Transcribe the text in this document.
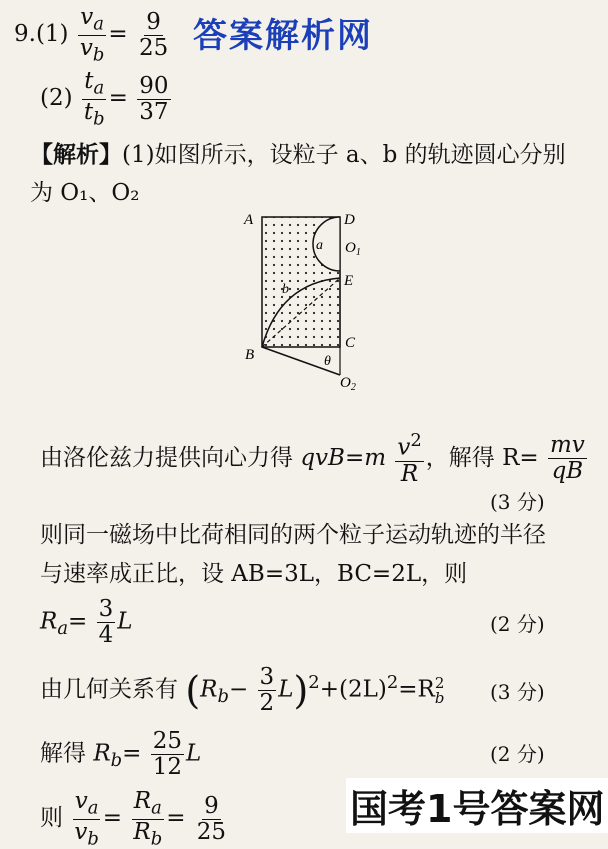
答案解析网
$9.(1) \frac{v_a}{v_b} = \frac{9}{25}$
$(2) \frac{t_a}{t_b} = \frac{90}{37}$
【解析】(1)如图所示，设粒子 a、b 的轨迹圆心分别
为 O₁、O₂
A	D
a $O_1$
E
b
C
B	θ
$O_2$
由洛伦兹力提供向心力得 $qvB=m \frac{v^2}{R}$ ，解得 $R= \frac{mv}{qB}$
(3 分)
则同一磁场中比荷相同的两个粒子运动轨迹的半径
与速率成正比，设 AB=3L，BC=2L，则
$R_a= \frac{3}{4}$ L	(2 分)
由几何关系有 $(R_b- \frac{3}{2} L)^2+(2L)^2=R$ 2
b (3 分)
解得 $R_b= \frac{25}{12}$ L	(2 分)
则 $\frac{v_a}{v_b} = \frac{R_a}{R_b} = \frac{9}{25}$	国考1号答案网
